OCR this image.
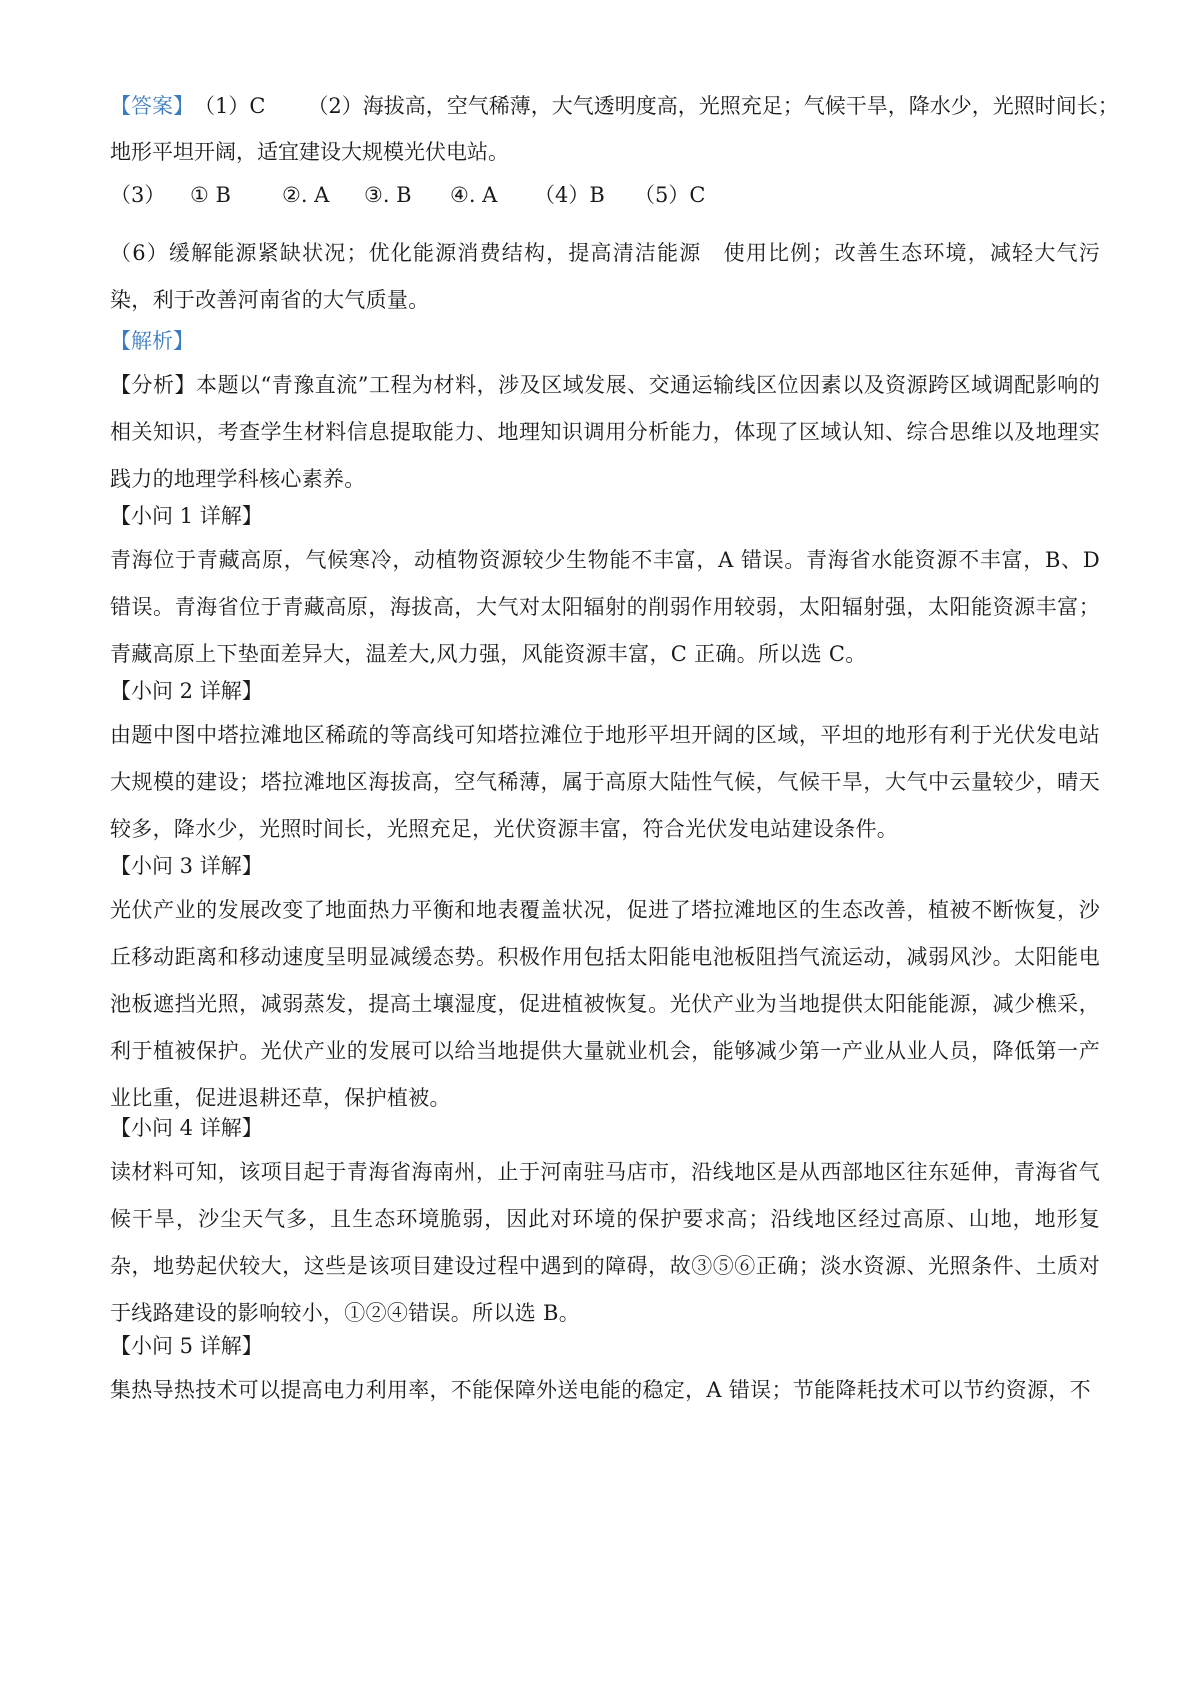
【答案】（1）C （2）海拔高，空气稀薄，大气透明度高，光照充足；气候干旱，降水少，光照时间长；
地形平坦开阔，适宜建设大规模光伏电站。
（3） ① B ②. A ③. B ④. A （4）B （5）C
（6）缓解能源紧缺状况；优化能源消费结构，提高清洁能源　使用比例；改善生态环境，减轻大气污染，利于改善河南省的大气质量。
【解析】
【分析】本题以“青豫直流”工程为材料，涉及区域发展、交通运输线区位因素以及资源跨区域调配影响的相关知识，考查学生材料信息提取能力、地理知识调用分析能力，体现了区域认知、综合思维以及地理实践力的地理学科核心素养。
【小问 1 详解】
青海位于青藏高原，气候寒冷，动植物资源较少生物能不丰富，A 错误。青海省水能资源不丰富，B、D 错误。青海省位于青藏高原，海拔高，大气对太阳辐射的削弱作用较弱，太阳辐射强，太阳能资源丰富；青藏高原上下垫面差异大，温差大,风力强，风能资源丰富，C 正确。所以选 C。
【小问 2 详解】
由题中图中塔拉滩地区稀疏的等高线可知塔拉滩位于地形平坦开阔的区域，平坦的地形有利于光伏发电站大规模的建设；塔拉滩地区海拔高，空气稀薄，属于高原大陆性气候，气候干旱，大气中云量较少，晴天较多，降水少，光照时间长，光照充足，光伏资源丰富，符合光伏发电站建设条件。
【小问 3 详解】
光伏产业的发展改变了地面热力平衡和地表覆盖状况，促进了塔拉滩地区的生态改善，植被不断恢复，沙丘移动距离和移动速度呈明显减缓态势。积极作用包括太阳能电池板阻挡气流运动，减弱风沙。太阳能电池板遮挡光照，减弱蒸发，提高土壤湿度，促进植被恢复。光伏产业为当地提供太阳能能源，减少樵采，利于植被保护。光伏产业的发展可以给当地提供大量就业机会，能够减少第一产业从业人员，降低第一产业比重，促进退耕还草，保护植被。
【小问 4 详解】
读材料可知，该项目起于青海省海南州，止于河南驻马店市，沿线地区是从西部地区往东延伸，青海省气候干旱，沙尘天气多，且生态环境脆弱，因此对环境的保护要求高；沿线地区经过高原、山地，地形复杂，地势起伏较大，这些是该项目建设过程中遇到的障碍，故③⑤⑥正确；淡水资源、光照条件、土质对于线路建设的影响较小，①②④错误。所以选 B。
【小问 5 详解】
集热导热技术可以提高电力利用率，不能保障外送电能的稳定，A 错误；节能降耗技术可以节约资源，不
